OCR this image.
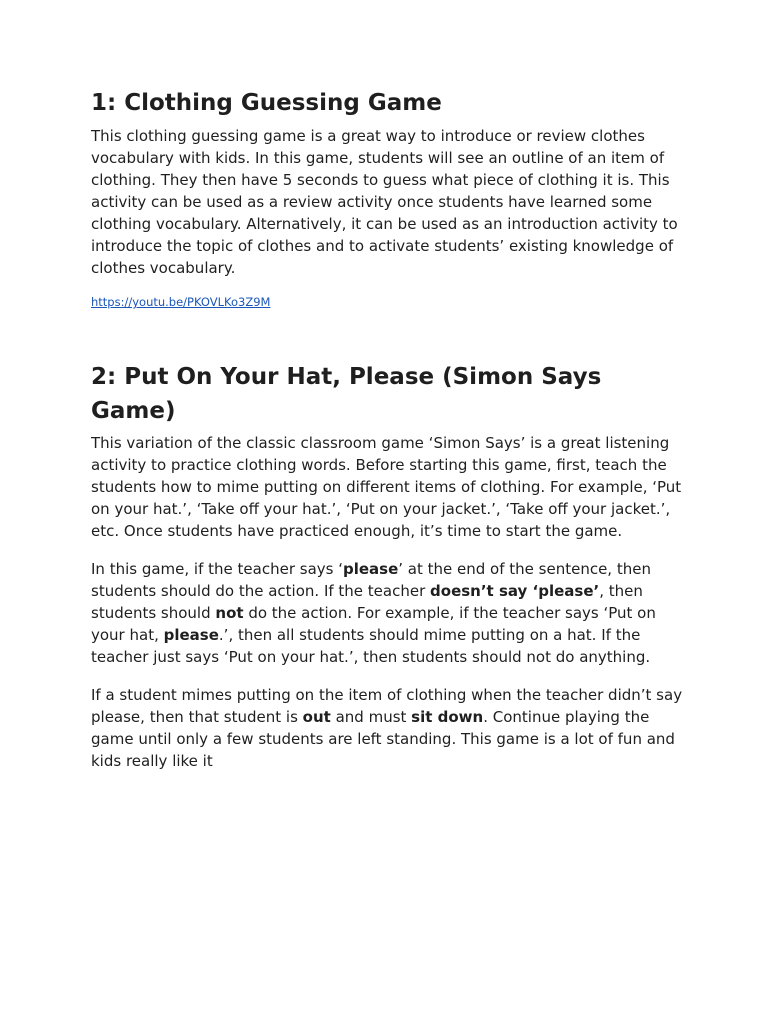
1: Clothing Guessing Game

This clothing guessing game is a great way to introduce or review clothes vocabulary with kids. In this game, students will see an outline of an item of clothing. They then have 5 seconds to guess what piece of clothing it is. This activity can be used as a review activity once students have learned some clothing vocabulary. Alternatively, it can be used as an introduction activity to introduce the topic of clothes and to activate students’ existing knowledge of clothes vocabulary.

https://youtu.be/PKOVLKo3Z9M
2: Put On Your Hat, Please (Simon Says Game)

This variation of the classic classroom game ‘Simon Says’ is a great listening activity to practice clothing words. Before starting this game, first, teach the students how to mime putting on different items of clothing. For example, ‘Put on your hat.’, ‘Take off your hat.’, ‘Put on your jacket.’, ‘Take off your jacket.’, etc. Once students have practiced enough, it’s time to start the game.

In this game, if the teacher says ‘please’ at the end of the sentence, then students should do the action. If the teacher doesn’t say ‘please’, then students should not do the action. For example, if the teacher says ‘Put on your hat, please.’, then all students should mime putting on a hat. If the teacher just says ‘Put on your hat.’, then students should not do anything.

If a student mimes putting on the item of clothing when the teacher didn’t say please, then that student is out and must sit down. Continue playing the game until only a few students are left standing. This game is a lot of fun and kids really like it
